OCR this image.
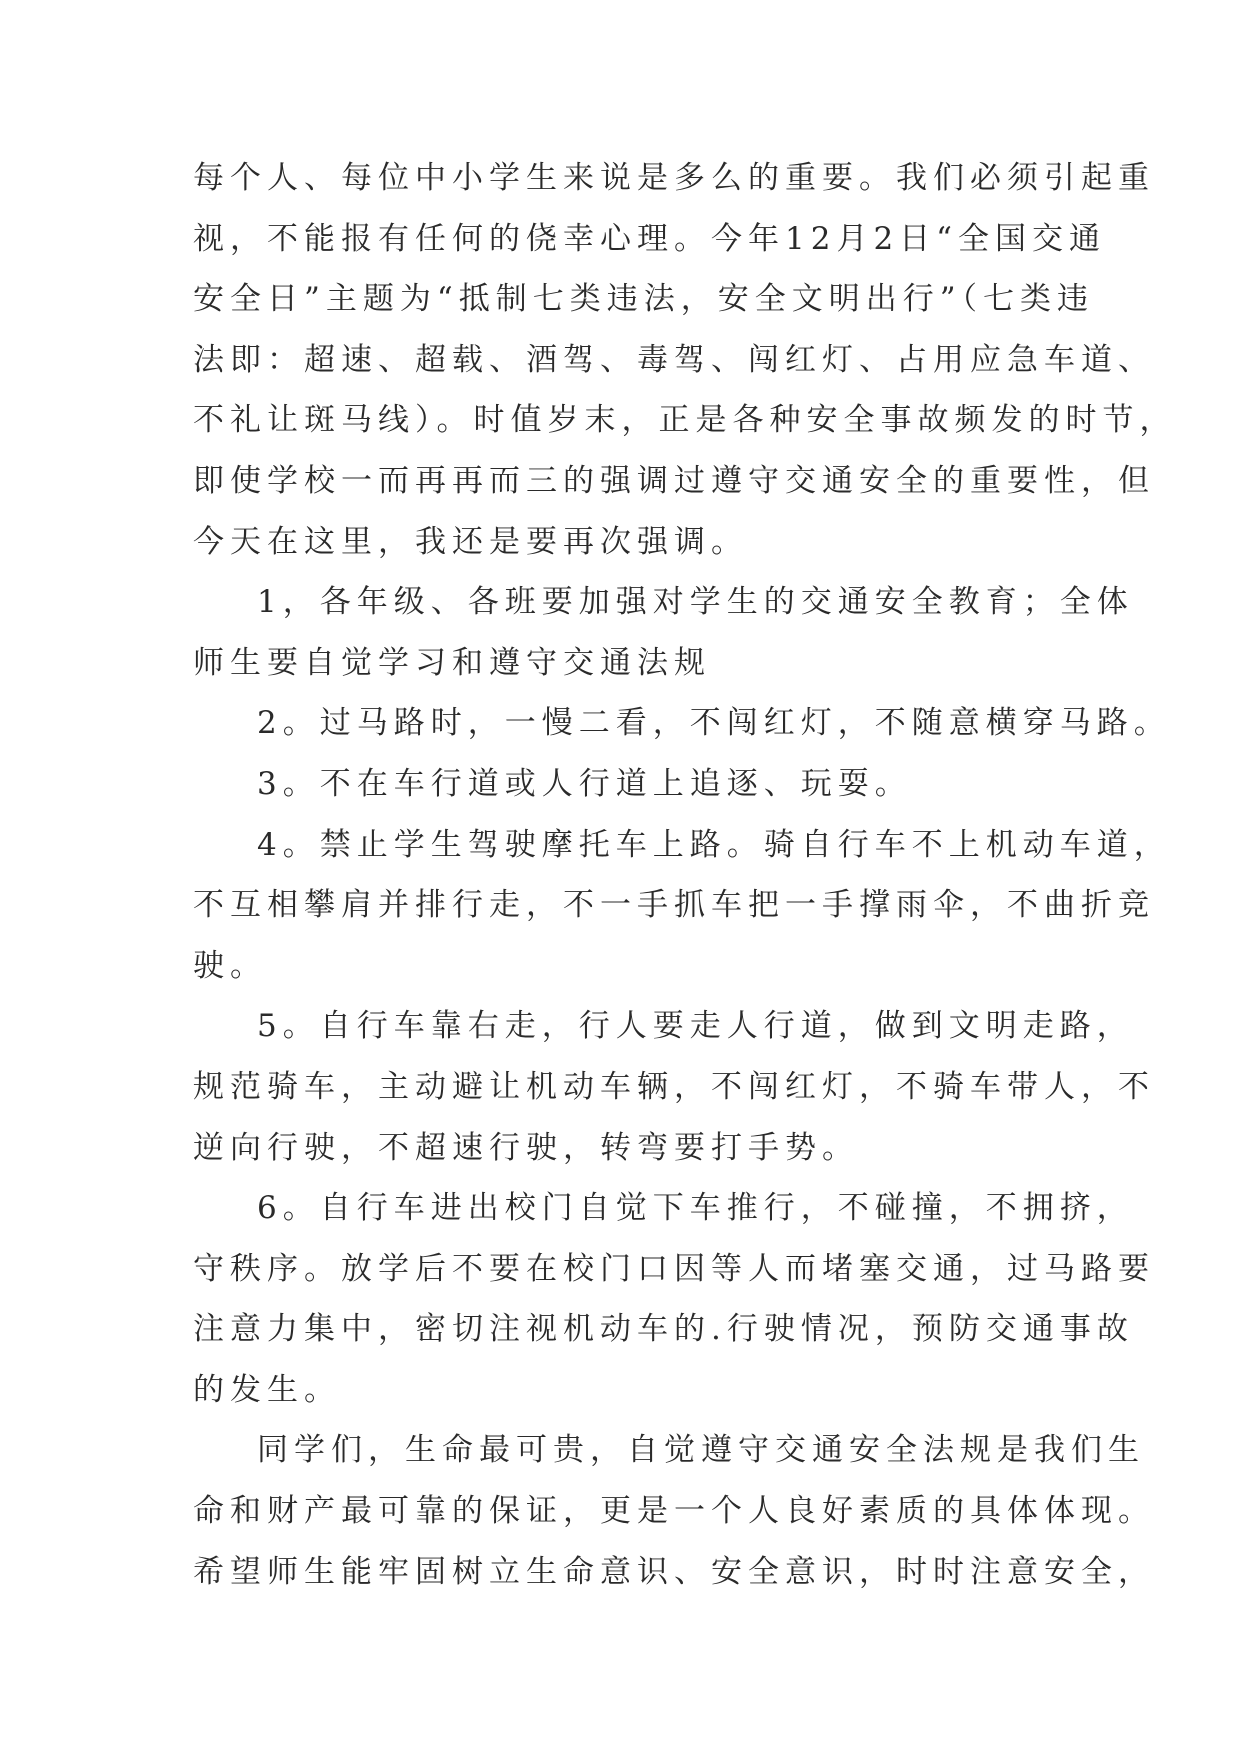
每个人、每位中小学生来说是多么的重要。我们必须引起重
视，不能报有任何的侥幸心理。今年12月2日“全国交通
安全日”主题为“抵制七类违法，安全文明出行”（七类违
法即：超速、超载、酒驾、毒驾、闯红灯、占用应急车道、
不礼让斑马线）。时值岁末，正是各种安全事故频发的时节，
即使学校一而再再而三的强调过遵守交通安全的重要性，但
今天在这里，我还是要再次强调。
1，各年级、各班要加强对学生的交通安全教育；全体
师生要自觉学习和遵守交通法规
2。过马路时，一慢二看，不闯红灯，不随意横穿马路。
3。不在车行道或人行道上追逐、玩耍。
4。禁止学生驾驶摩托车上路。骑自行车不上机动车道，
不互相攀肩并排行走，不一手抓车把一手撑雨伞，不曲折竞
驶。
5。自行车靠右走，行人要走人行道，做到文明走路，
规范骑车，主动避让机动车辆，不闯红灯，不骑车带人，不
逆向行驶，不超速行驶，转弯要打手势。
6。自行车进出校门自觉下车推行，不碰撞，不拥挤，
守秩序。放学后不要在校门口因等人而堵塞交通，过马路要
注意力集中，密切注视机动车的.行驶情况，预防交通事故
的发生。
同学们，生命最可贵，自觉遵守交通安全法规是我们生
命和财产最可靠的保证，更是一个人良好素质的具体体现。
希望师生能牢固树立生命意识、安全意识，时时注意安全，
